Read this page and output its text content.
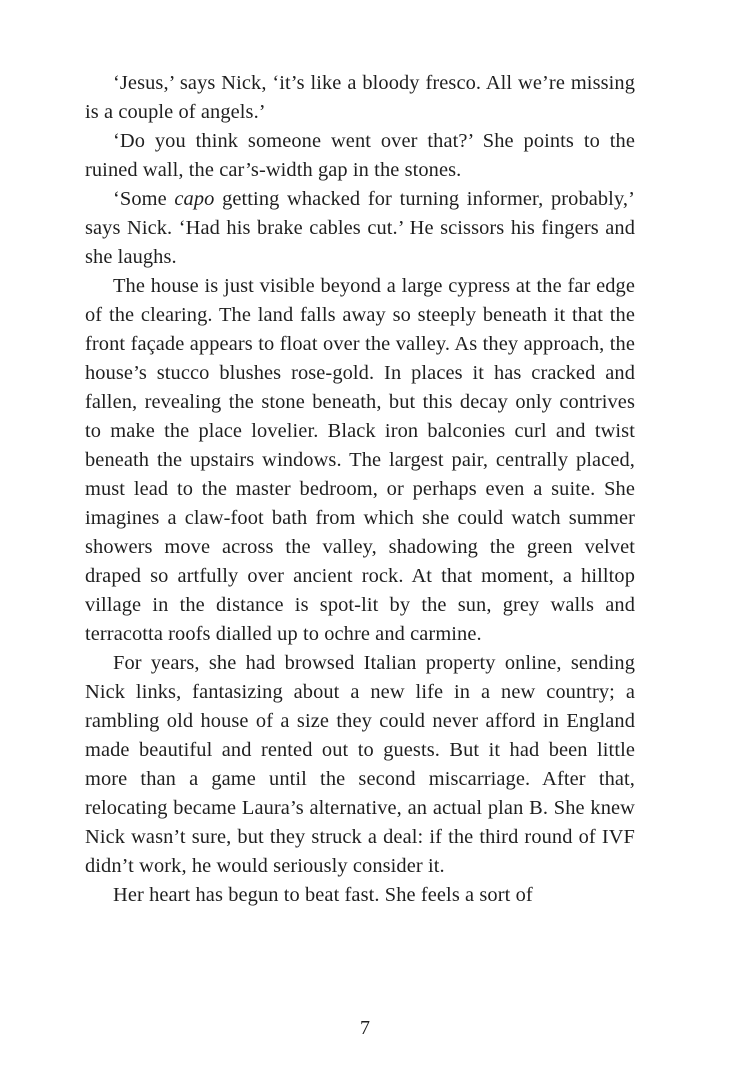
‘Jesus,’ says Nick, ‘it’s like a bloody fresco. All we’re missing is a couple of angels.’

‘Do you think someone went over that?’ She points to the ruined wall, the car’s-width gap in the stones.

‘Some capo getting whacked for turning informer, probably,’ says Nick. ‘Had his brake cables cut.’ He scissors his fingers and she laughs.

The house is just visible beyond a large cypress at the far edge of the clearing. The land falls away so steeply beneath it that the front façade appears to float over the valley. As they approach, the house’s stucco blushes rose-gold. In places it has cracked and fallen, revealing the stone beneath, but this decay only contrives to make the place lovelier. Black iron balconies curl and twist beneath the upstairs windows. The largest pair, centrally placed, must lead to the master bedroom, or perhaps even a suite. She imagines a claw-foot bath from which she could watch summer showers move across the valley, shadowing the green velvet draped so artfully over ancient rock. At that moment, a hilltop village in the distance is spot-lit by the sun, grey walls and terracotta roofs dialled up to ochre and carmine.

For years, she had browsed Italian property online, sending Nick links, fantasizing about a new life in a new country; a rambling old house of a size they could never afford in England made beautiful and rented out to guests. But it had been little more than a game until the second miscarriage. After that, relocating became Laura’s alternative, an actual plan B. She knew Nick wasn’t sure, but they struck a deal: if the third round of IVF didn’t work, he would seriously consider it.

Her heart has begun to beat fast. She feels a sort of

7
